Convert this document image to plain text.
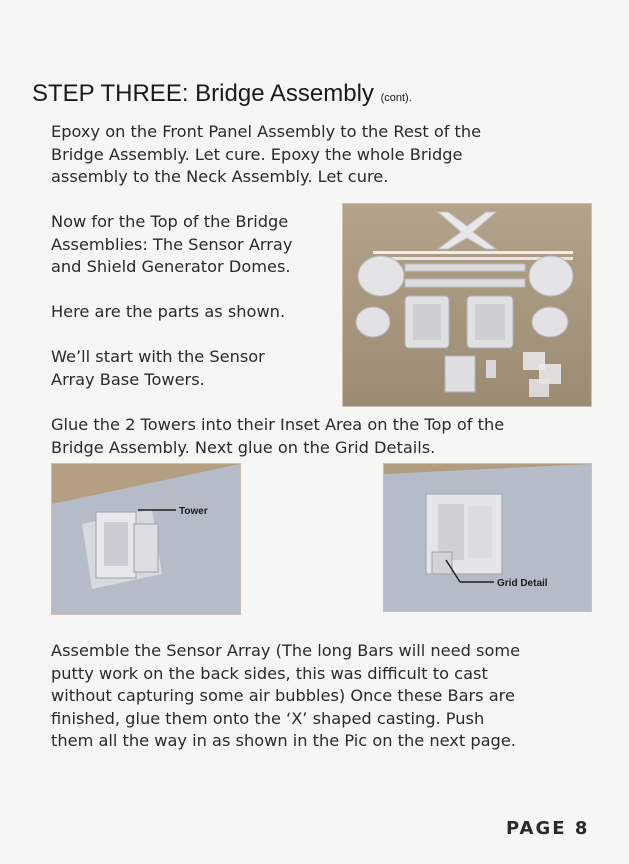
STEP THREE: Bridge Assembly (cont).
Epoxy on the Front Panel Assembly to the Rest of the
Bridge Assembly. Let cure. Epoxy the whole Bridge
assembly to the Neck Assembly. Let cure.
Now for the Top of the Bridge
Assemblies: The Sensor Array
and Shield Generator Domes.
Here are the parts as shown.
We’ll start with the Sensor
Array Base Towers.
Glue the 2 Towers into their Inset Area on the Top of the
Bridge Assembly. Next glue on the Grid Details.
Tower
Grid Detail
Assemble the Sensor Array (The long Bars will need some
putty work on the back sides, this was difficult to cast
without capturing some air bubbles) Once these Bars are
finished, glue them onto the ‘X’ shaped casting. Push
them all the way in as shown in the Pic on the next page.
PAGE 8
